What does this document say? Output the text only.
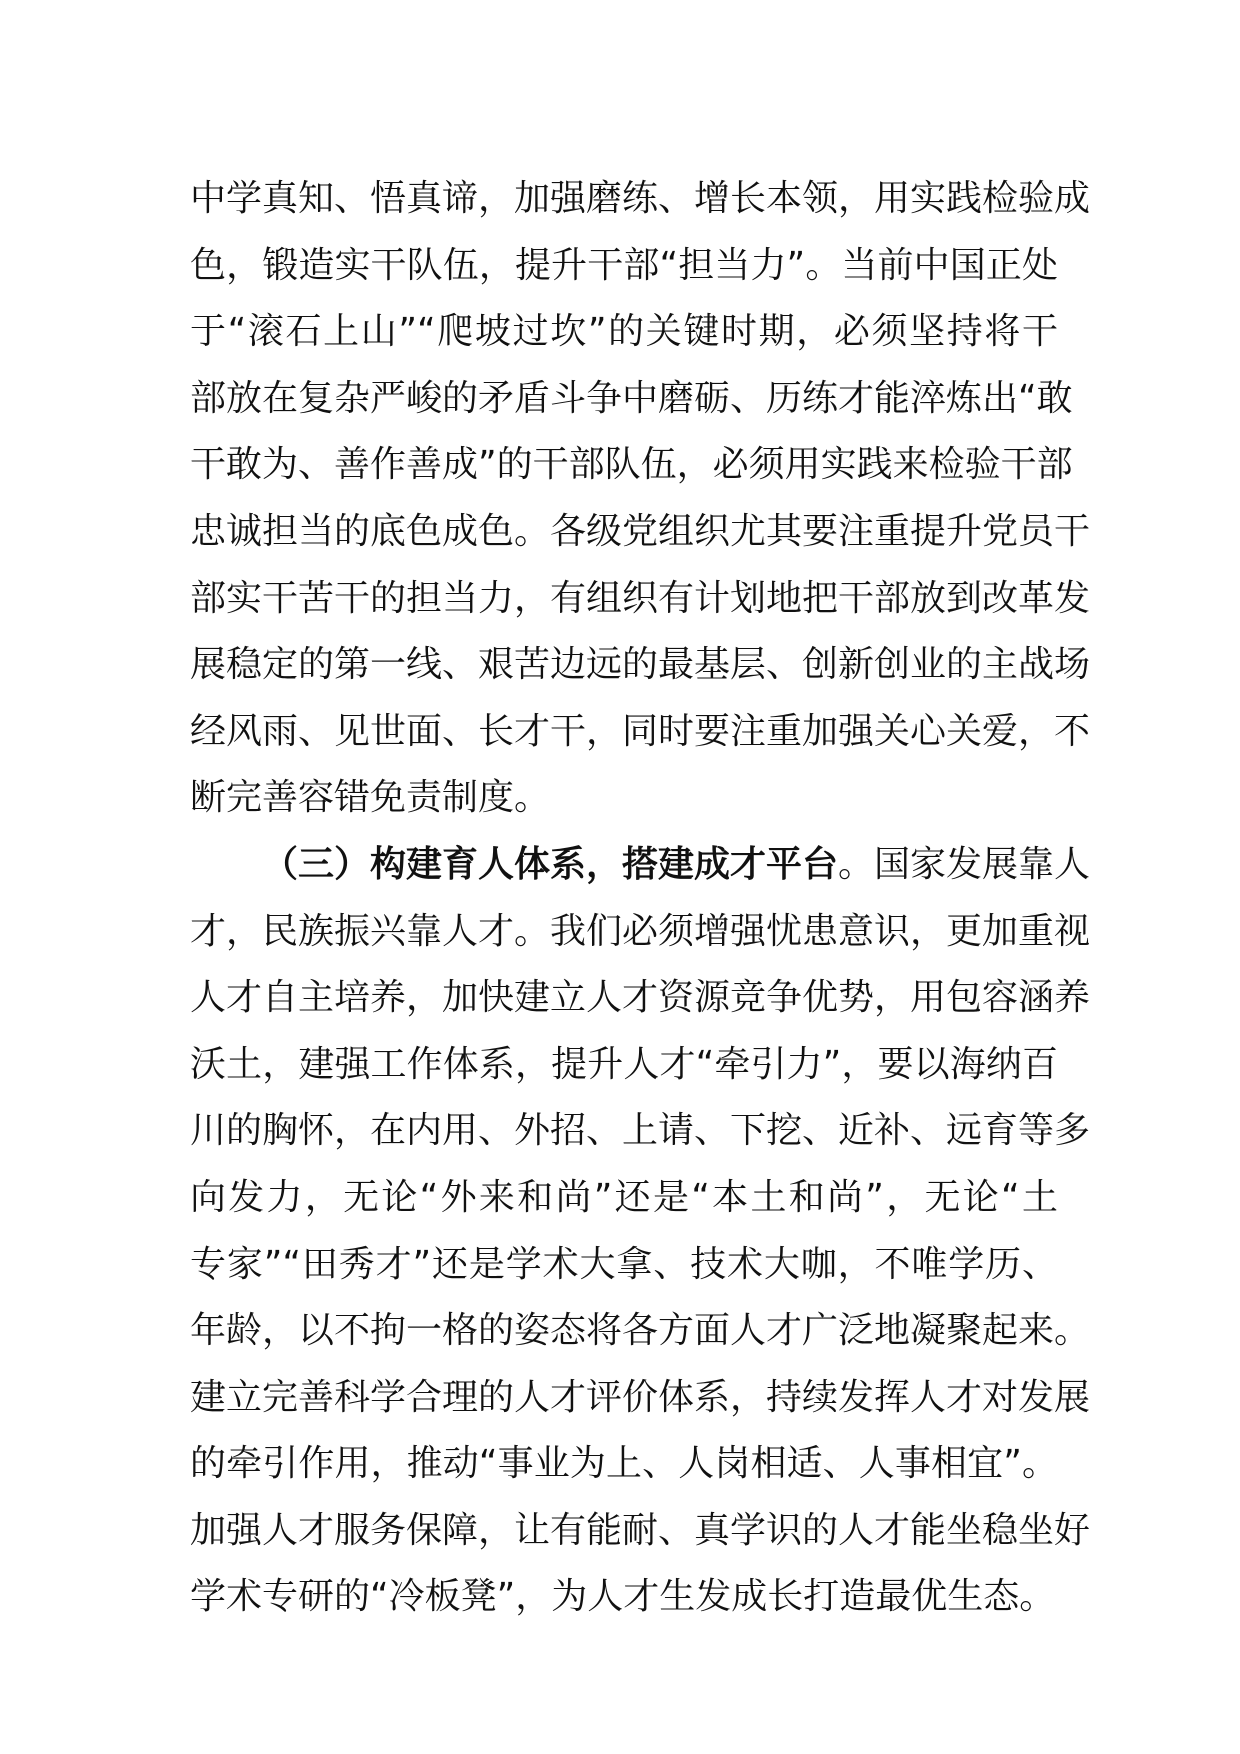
中学真知、悟真谛，加强磨练、增长本领，用实践检验成
色，锻造实干队伍，提升干部“担当力”。当前中国正处
于“滚石上山”“爬坡过坎”的关键时期，必须坚持将干
部放在复杂严峻的矛盾斗争中磨砺、历练才能淬炼出“敢
干敢为、善作善成”的干部队伍，必须用实践来检验干部
忠诚担当的底色成色。各级党组织尤其要注重提升党员干
部实干苦干的担当力，有组织有计划地把干部放到改革发
展稳定的第一线、艰苦边远的最基层、创新创业的主战场
经风雨、见世面、长才干，同时要注重加强关心关爱，不
断完善容错免责制度。
（三）构建育人体系，搭建成才平台。国家发展靠人
才，民族振兴靠人才。我们必须增强忧患意识，更加重视
人才自主培养，加快建立人才资源竞争优势，用包容涵养
沃土，建强工作体系，提升人才“牵引力”，要以海纳百
川的胸怀，在内用、外招、上请、下挖、近补、远育等多
向发力，无论“外来和尚”还是“本土和尚”，无论“土
专家”“田秀才”还是学术大拿、技术大咖，不唯学历、
年龄，以不拘一格的姿态将各方面人才广泛地凝聚起来。
建立完善科学合理的人才评价体系，持续发挥人才对发展
的牵引作用，推动“事业为上、人岗相适、人事相宜”。
加强人才服务保障，让有能耐、真学识的人才能坐稳坐好
学术专研的“冷板凳”，为人才生发成长打造最优生态。
